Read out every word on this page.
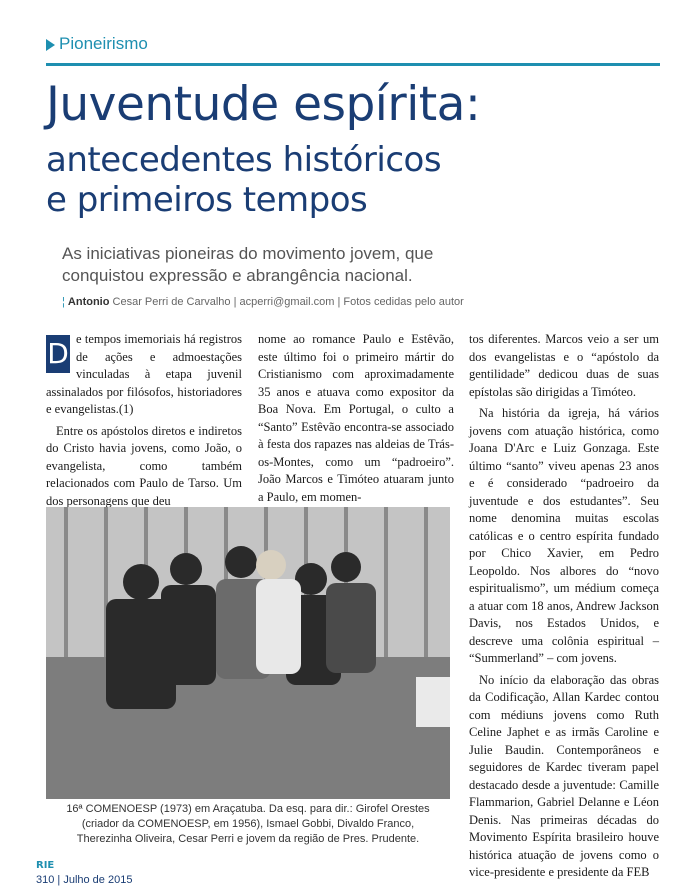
Pioneirismo
Juventude espírita:
antecedentes históricos
e primeiros tempos
As iniciativas pioneiras do movimento jovem, que conquistou expressão e abrangência nacional.
¦ Antonio Cesar Perri de Carvalho | acperri@gmail.com | Fotos cedidas pelo autor

D e tempos imemoriais há registros de ações e admoestações vinculadas à etapa juvenil assinalados por filósofos, historiadores e evangelistas.(1)

Entre os apóstolos diretos e indiretos do Cristo havia jovens, como João, o evangelista, como também relacionados com Paulo de Tarso. Um dos personagens que deu

nome ao romance Paulo e Estêvão, este último foi o primeiro mártir do Cristianismo com aproximadamente 35 anos e atuava como expositor da Boa Nova. Em Portugal, o culto a “Santo” Estêvão encontra-se associado à festa dos rapazes nas aldeias de Trás-os-Montes, como um “padroeiro”. João Marcos e Timóteo atuaram junto a Paulo, em momen-

tos diferentes. Marcos veio a ser um dos evangelistas e o “apóstolo da gentilidade” dedicou duas de suas epístolas são dirigidas a Timóteo.

Na história da igreja, há vários jovens com atuação histórica, como Joana D'Arc e Luiz Gonzaga. Este último “santo” viveu apenas 23 anos e é considerado “padroeiro da juventude e dos estudantes”. Seu nome denomina muitas escolas católicas e o centro espírita fundado por Chico Xavier, em Pedro Leopoldo. Nos albores do “novo espiritualismo”, um médium começa a atuar com 18 anos, Andrew Jackson Davis, nos Estados Unidos, e descreve uma colônia espiritual – “Summerland” – com jovens.

No início da elaboração das obras da Codificação, Allan Kardec contou com médiuns jovens como Ruth Celine Japhet e as irmãs Caroline e Julie Baudin. Contemporâneos e seguidores de Kardec tiveram papel destacado desde a juventude: Camille Flammarion, Gabriel Delanne e Léon Denis. Nas primeiras décadas do Movimento Espírita brasileiro houve histórica atuação de jovens como o vice-presidente e presidente da FEB

16ª COMENOESP (1973) em Araçatuba. Da esq. para dir.: Girofel Orestes
(criador da COMENOESP, em 1956), Ismael Gobbi, Divaldo Franco,
Therezinha Oliveira, Cesar Perri e jovem da região de Pres. Prudente.
RIE
310 | Julho de 2015
